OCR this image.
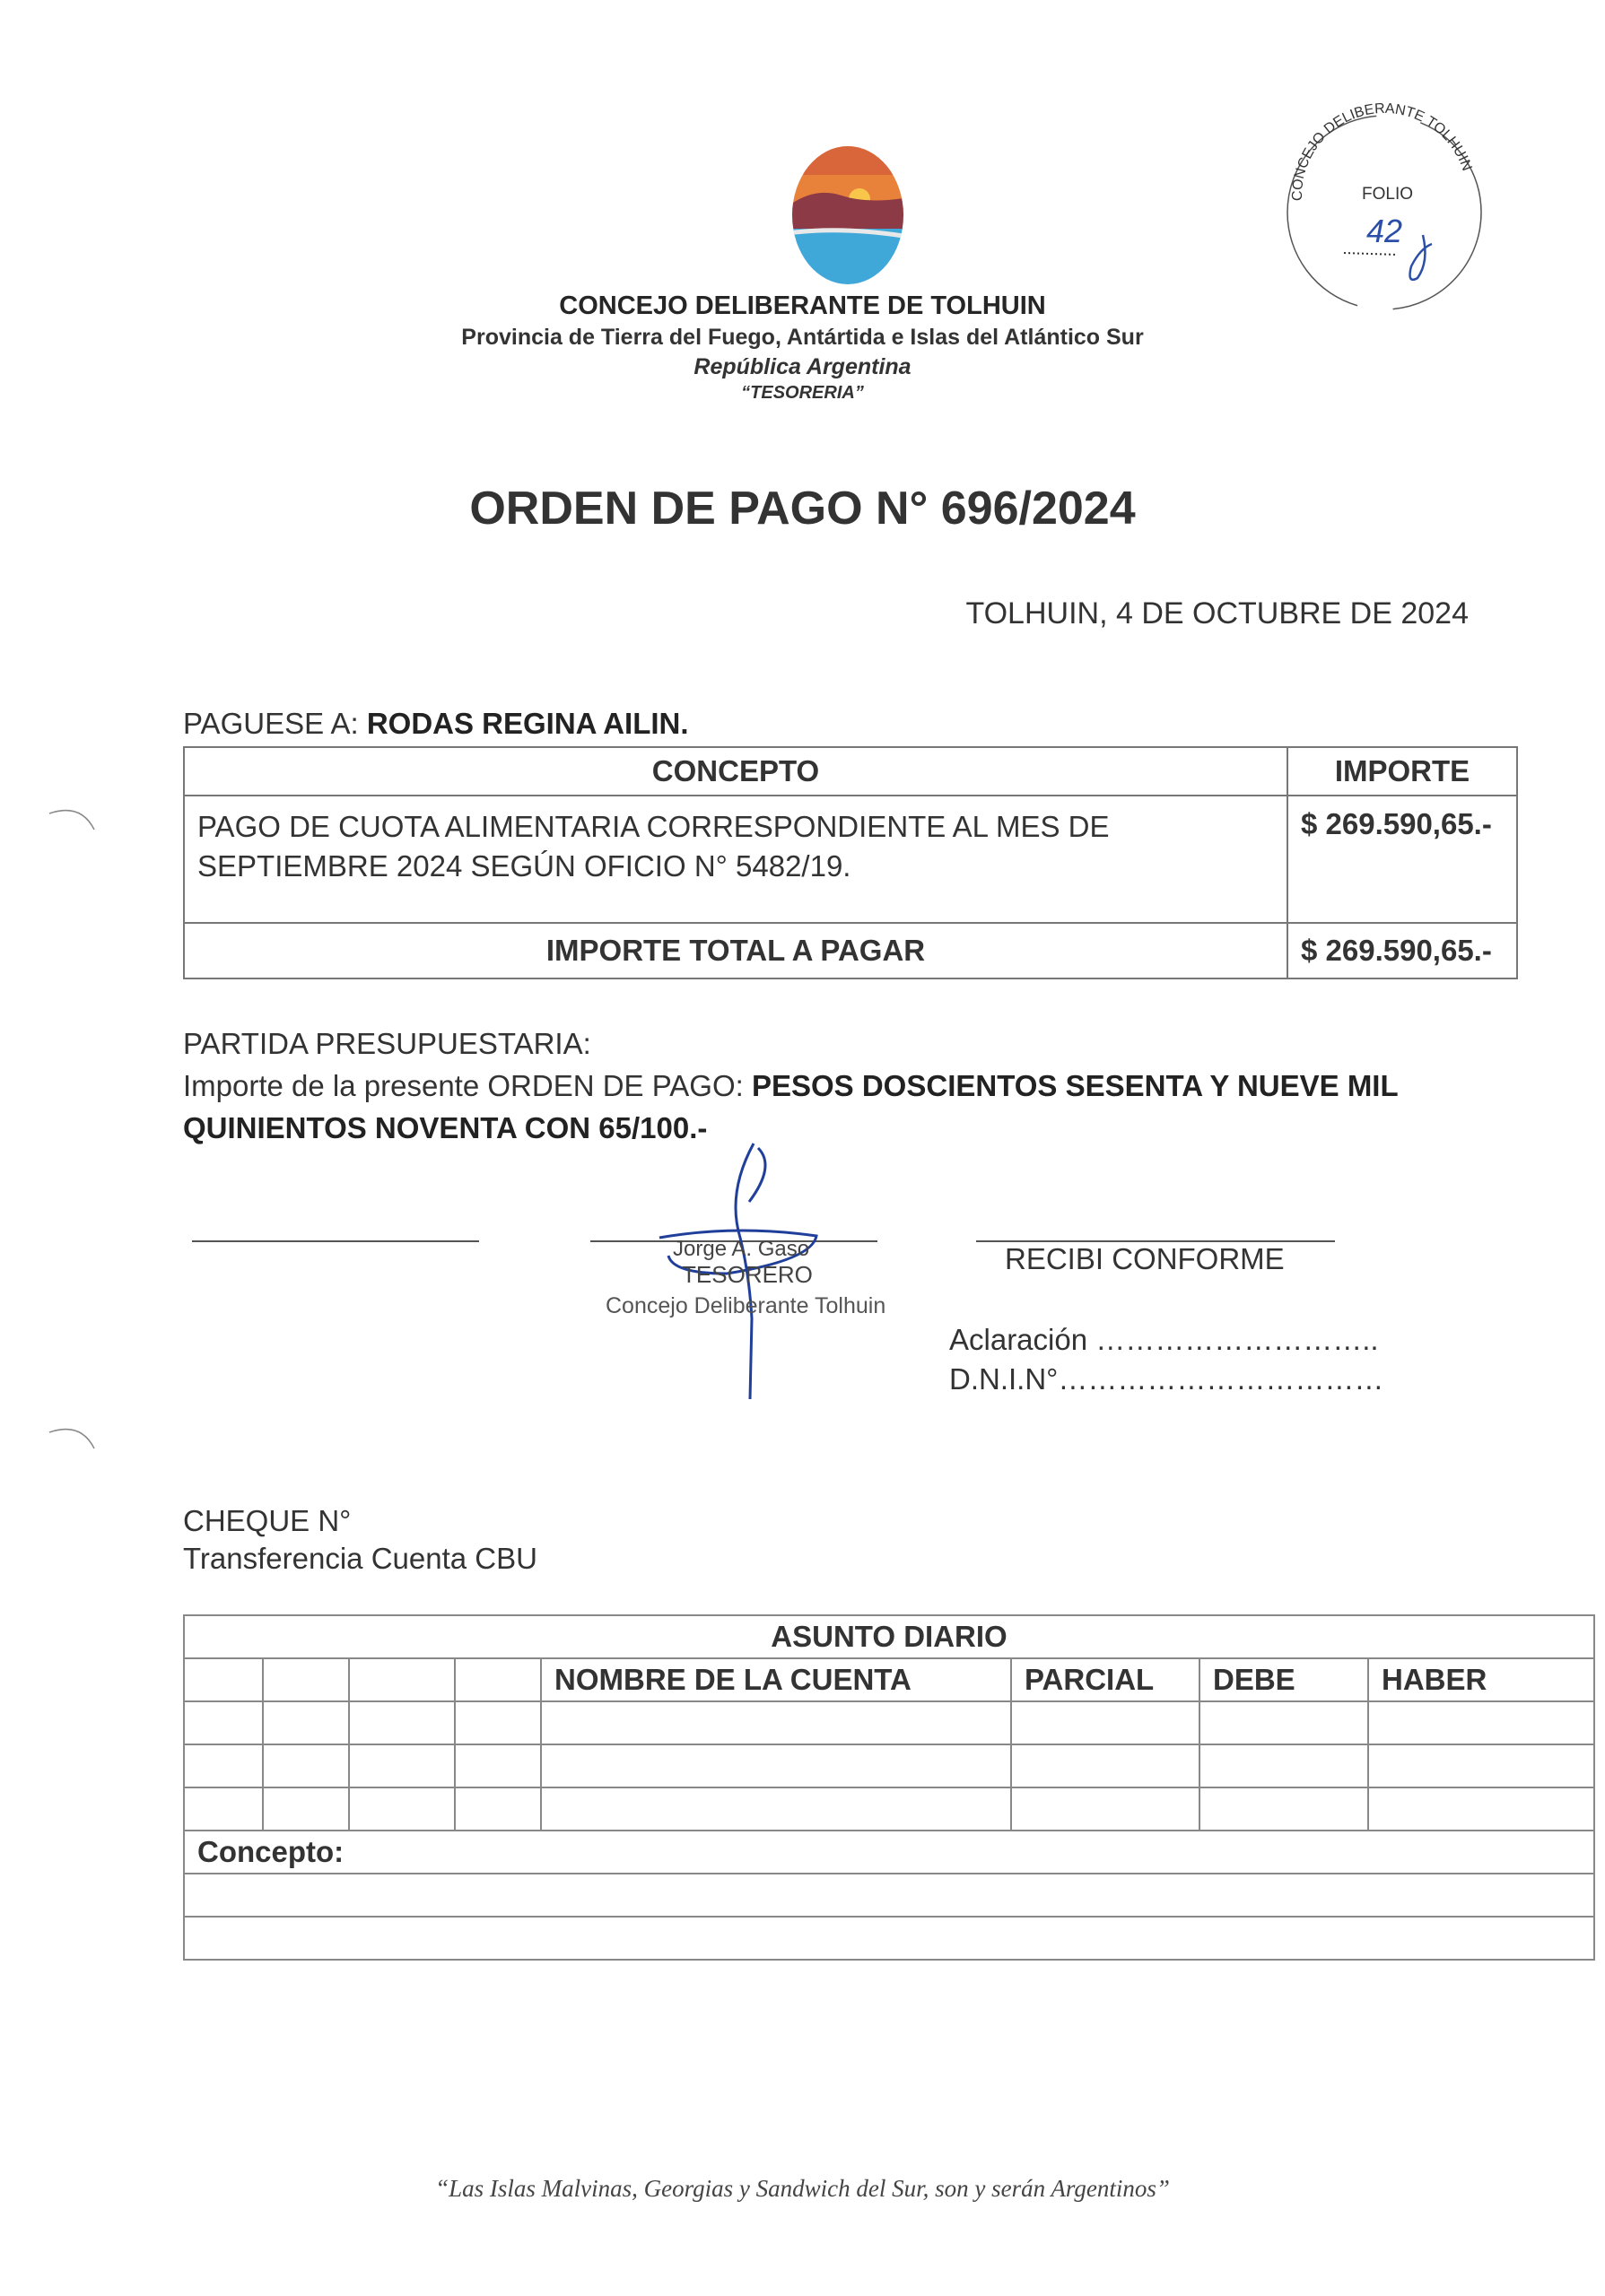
CONCEJO DELIBERANTE TOLHUIN
FOLIO
42
CONCEJO DELIBERANTE DE TOLHUIN
Provincia de Tierra del Fuego, Antártida e Islas del Atlántico Sur
República Argentina
“TESORERIA”
ORDEN DE PAGO N° 696/2024
TOLHUIN, 4 DE OCTUBRE DE 2024
PAGUESE A: RODAS REGINA AILIN.
CONCEPTO	IMPORTE
PAGO DE CUOTA ALIMENTARIA CORRESPONDIENTE AL MES DE SEPTIEMBRE 2024 SEGÚN OFICIO N° 5482/19.	$ 269.590,65.-
IMPORTE TOTAL A PAGAR	$ 269.590,65.-
PARTIDA PRESUPUESTARIA:
Importe de la presente ORDEN DE PAGO: PESOS DOSCIENTOS SESENTA Y NUEVE MIL QUINIENTOS NOVENTA CON 65/100.-
Jorge A. Gaso
TESORERO
Concejo Deliberante Tolhuin
RECIBI CONFORME
Aclaración ………………………..
D.N.I.N°……………………………
CHEQUE N°
Transferencia Cuenta CBU
ASUNTO DIARIO							
				NOMBRE DE LA CUENTA	PARCIAL	DEBE	HABER

Concepto:							

“Las Islas Malvinas, Georgias y Sandwich del Sur, son y serán Argentinos”
